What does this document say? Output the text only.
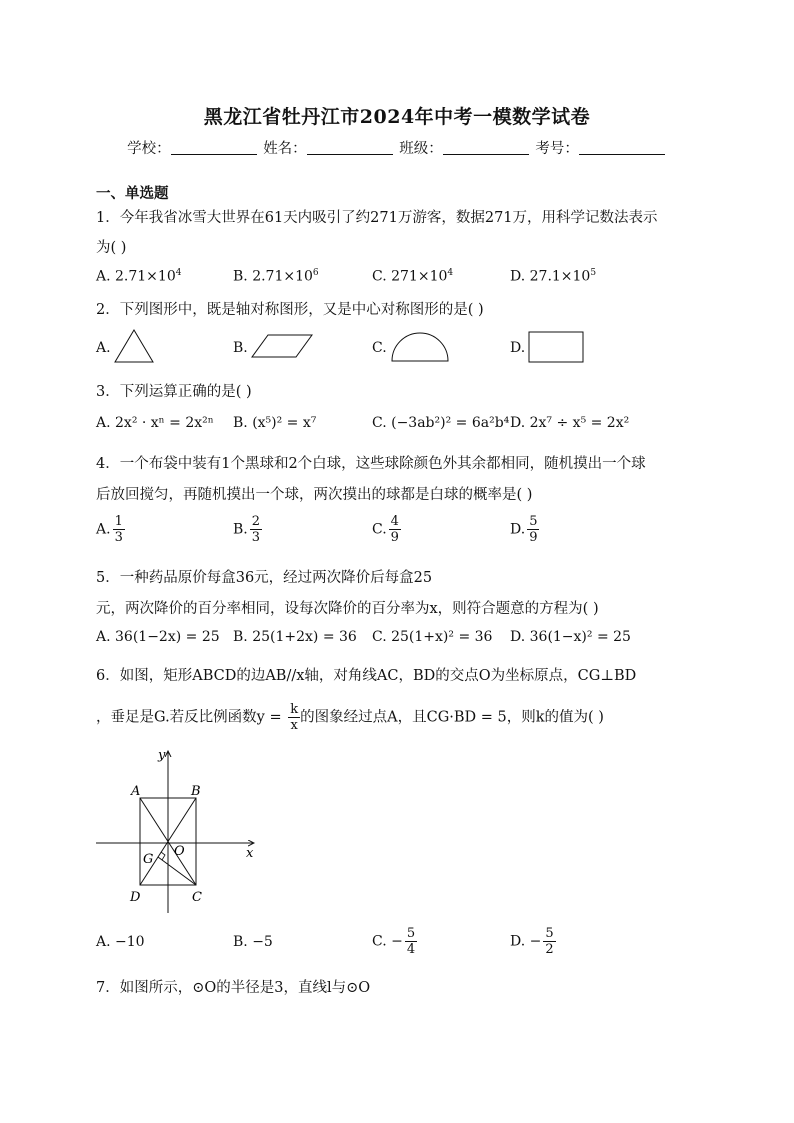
黑龙江省牡丹江市2024年中考一模数学试卷
学校：	姓名：	班级：	考号：
一、单选题
1．今年我省冰雪大世界在61天内吸引了约271万游客，数据271万，用科学记数法表示
为( )
A. $2.71\times 10^4$	B. $2.71\times 10^6$	C. $271\times 10^4$	D. $27.1\times 10^5$
2．下列图形中，既是轴对称图形，又是中心对称图形的是( )
A.	B.	C.	D.
3．下列运算正确的是( )
A. 2x² · xⁿ = 2x²ⁿ B. (x⁵)² = x⁷	C. (−3ab²)² = 6a²b⁴ D. 2x⁷ ÷ x⁵ = 2x²
4．一个布袋中装有1个黑球和2个白球，这些球除颜色外其余都相同，随机摸出一个球
后放回搅匀，再随机摸出一个球，两次摸出的球都是白球的概率是( )
A. $\frac{1}{3}$	B. $\frac{2}{3}$	C. $\frac{4}{9}$	D. $\frac{5}{9}$
5．一种药品原价每盒36元，经过两次降价后每盒25
元，两次降价的百分率相同，设每次降价的百分率为x，则符合题意的方程为( )
A. 36(1−2x) = 25 B. 25(1+2x) = 36 C. 25(1+x)² = 36 D. 36(1−x)² = 25
6．如图，矩形ABCD的边AB//x轴，对角线AC，BD的交点O为坐标原点，CG⊥BD
，垂足是G.若反比例函数$y = \frac{k}{x}$ 的图象经过点A，且CG·BD = 5，则k的值为( )
y
x
A	B
C
D
O
G
A. −10	B. −5	C. − $\frac{5}{4}$	D. − $\frac{5}{2}$
7．如图所示，⊙O的半径是3，直线l与⊙O
